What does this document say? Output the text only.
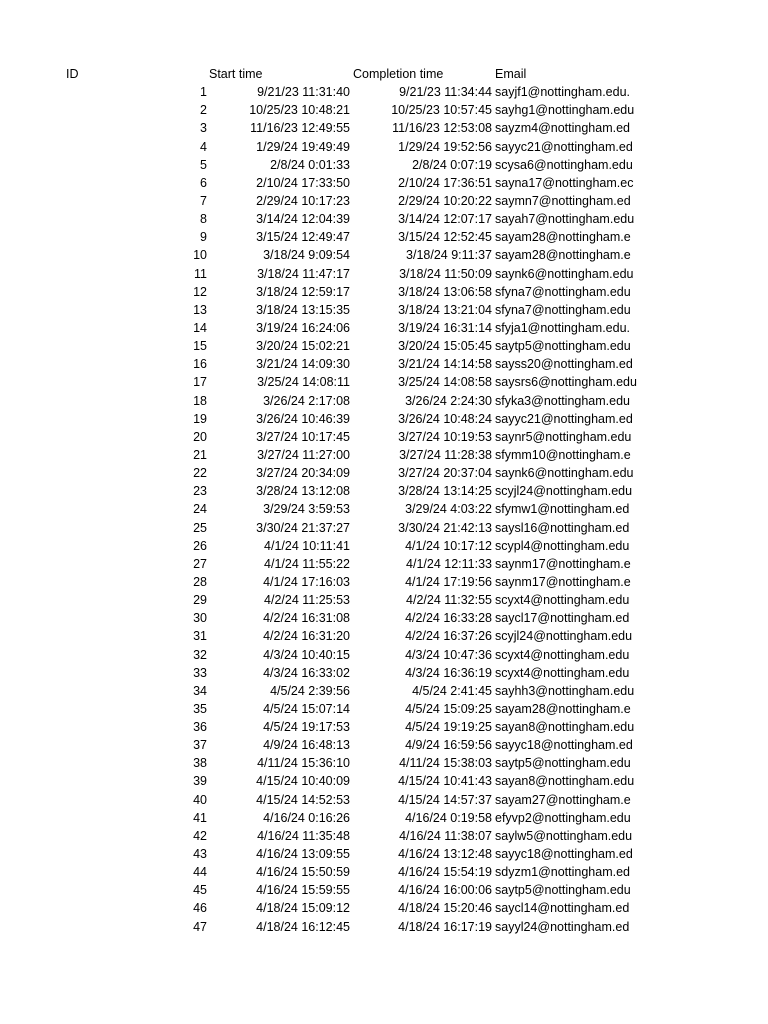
ID	Start time	Completion time	Email
1	9/21/23 11:31:40	9/21/23 11:34:44 sayjf1@nottingham.edu.
2	10/25/23 10:48:21	10/25/23 10:57:45 sayhg1@nottingham.edu
3	11/16/23 12:49:55	11/16/23 12:53:08 sayzm4@nottingham.ed
4	1/29/24 19:49:49	1/29/24 19:52:56 sayyc21@nottingham.ed
5	2/8/24 0:01:33	2/8/24 0:07:19 scysa6@nottingham.edu
6	2/10/24 17:33:50	2/10/24 17:36:51 sayna17@nottingham.ec
7	2/29/24 10:17:23	2/29/24 10:20:22 saymn7@nottingham.ed
8	3/14/24 12:04:39	3/14/24 12:07:17 sayah7@nottingham.edu
9	3/15/24 12:49:47	3/15/24 12:52:45 sayam28@nottingham.e
10	3/18/24 9:09:54	3/18/24 9:11:37 sayam28@nottingham.e
11	3/18/24 11:47:17	3/18/24 11:50:09 saynk6@nottingham.edu
12	3/18/24 12:59:17	3/18/24 13:06:58 sfyna7@nottingham.edu
13	3/18/24 13:15:35	3/18/24 13:21:04 sfyna7@nottingham.edu
14	3/19/24 16:24:06	3/19/24 16:31:14 sfyja1@nottingham.edu.
15	3/20/24 15:02:21	3/20/24 15:05:45 saytp5@nottingham.edu
16	3/21/24 14:09:30	3/21/24 14:14:58 sayss20@nottingham.ed
17	3/25/24 14:08:11	3/25/24 14:08:58 saysrs6@nottingham.edu
18	3/26/24 2:17:08	3/26/24 2:24:30 sfyka3@nottingham.edu
19	3/26/24 10:46:39	3/26/24 10:48:24 sayyc21@nottingham.ed
20	3/27/24 10:17:45	3/27/24 10:19:53 saynr5@nottingham.edu
21	3/27/24 11:27:00	3/27/24 11:28:38 sfymm10@nottingham.e
22	3/27/24 20:34:09	3/27/24 20:37:04 saynk6@nottingham.edu
23	3/28/24 13:12:08	3/28/24 13:14:25 scyjl24@nottingham.edu
24	3/29/24 3:59:53	3/29/24 4:03:22 sfymw1@nottingham.ed
25	3/30/24 21:37:27	3/30/24 21:42:13 saysl16@nottingham.ed
26	4/1/24 10:11:41	4/1/24 10:17:12 scypl4@nottingham.edu
27	4/1/24 11:55:22	4/1/24 12:11:33 saynm17@nottingham.e
28	4/1/24 17:16:03	4/1/24 17:19:56 saynm17@nottingham.e
29	4/2/24 11:25:53	4/2/24 11:32:55 scyxt4@nottingham.edu
30	4/2/24 16:31:08	4/2/24 16:33:28 saycl17@nottingham.ed
31	4/2/24 16:31:20	4/2/24 16:37:26 scyjl24@nottingham.edu
32	4/3/24 10:40:15	4/3/24 10:47:36 scyxt4@nottingham.edu
33	4/3/24 16:33:02	4/3/24 16:36:19 scyxt4@nottingham.edu
34	4/5/24 2:39:56	4/5/24 2:41:45 sayhh3@nottingham.edu
35	4/5/24 15:07:14	4/5/24 15:09:25 sayam28@nottingham.e
36	4/5/24 19:17:53	4/5/24 19:19:25 sayan8@nottingham.edu
37	4/9/24 16:48:13	4/9/24 16:59:56 sayyc18@nottingham.ed
38	4/11/24 15:36:10	4/11/24 15:38:03 saytp5@nottingham.edu
39	4/15/24 10:40:09	4/15/24 10:41:43 sayan8@nottingham.edu
40	4/15/24 14:52:53	4/15/24 14:57:37 sayam27@nottingham.e
41	4/16/24 0:16:26	4/16/24 0:19:58 efyvp2@nottingham.edu
42	4/16/24 11:35:48	4/16/24 11:38:07 saylw5@nottingham.edu
43	4/16/24 13:09:55	4/16/24 13:12:48 sayyc18@nottingham.ed
44	4/16/24 15:50:59	4/16/24 15:54:19 sdyzm1@nottingham.ed
45	4/16/24 15:59:55	4/16/24 16:00:06 saytp5@nottingham.edu
46	4/18/24 15:09:12	4/18/24 15:20:46 saycl14@nottingham.ed
47	4/18/24 16:12:45	4/18/24 16:17:19 sayyl24@nottingham.ed
